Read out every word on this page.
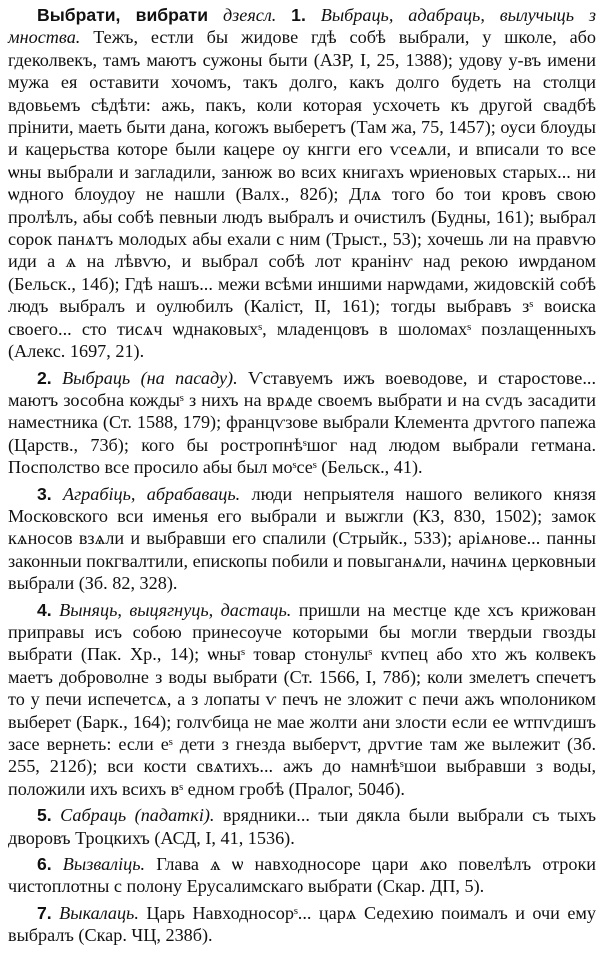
Выбрати, вибрати дзеясл. 1. Выбраць, адабраць, вылучыць з мноства. Тежъ, естли бы жидове гдѣ собѣ выбрали, у школе, або гдеколвекъ, тамъ маютъ сужоны быти (АЗР, I, 25, 1388); удову у-въ имени мужа ея оставити хочомъ, такъ долго, какъ долго будеть на столци вдовьемъ сѣдѣти: ажь, пакъ, коли которая усхочеть къ другой свадбѣ прiнити, маеть быти дана, когожъ выберетъ (Там жа, 75, 1457); оуси блоуды и кацерьства которе были кацере оу кнгги его ѵсеѧли, и вписали то все ѡны выбрали и загладили, занюж во всих книгахъ ѡриеновых старых... ни ѡдного блоудоу не нашли (Валх., 82б); Длѧ того бо тои кровъ свою пролѣлъ, абы собѣ певныи людъ выбралъ и очистилъ (Будны, 161); выбрал сорок панѧтъ молодых абы ехали с ним (Трыст., 53); хочешь ли на правѵю иди а ѧ на лѣвѵю, и выбрал собѣ лот кранiнѵ над рекою иѡрданом (Бельск., 14б); Гдѣ нашъ... межи всѣми иншими нарѡдами, жидовскiй собѣ людъ выбралъ и оулюбилъ (Каліст, II, 161); тогды выбравъ зˢ воиска своего... сто тисѧч ѡднаковыхˢ, младенцовъ в шоломахˢ позлащенныхъ (Алекс. 1697, 21).

2. Выбраць (на пасаду). Ѵставуемъ ижъ воеводове, и старостове... маютъ зособна кождыˢ з нихъ на врѧде своемъ выбрати и на сѵдъ засадити наместника (Ст. 1588, 179); францѵзове выбрали Клемента дрѵгого папежа (Царств., 73б); кого бы ростропнѣˢшог над людом выбрали гетмана. Посполство все просило абы был моˢсеˢ (Бельск., 41).

3. Аграбіць, абрабаваць. люди непрыятеля нашого великого князя Московского вси именья его выбрали и выжгли (КЗ, 830, 1502); замок кѧносов взѧли и выбравши его спалили (Стрыйк., 533); арiѧнове... панны законныи покгвалтили, епископы побили и повыганѧли, начинѧ церковныи выбрали (Зб. 82, 328).

4. Выняць, выцягнуць, дастаць. пришли на местце кде хсъ крижован приправы исъ собою принесоуче которыми бы могли твердыи гвозды выбрати (Пак. Хр., 14); ѡныˢ товар стонулыˢ кѵпец або хто жъ колвекъ маетъ доброволне з воды выбрати (Ст. 1566, I, 78б); коли змелетъ спечетъ то у печи испечетсѧ, а з лопаты ѵ печъ не зложит с печи ажъ ѡполоником выберет (Барк., 164); голѵбица не мае жолти ани злости если ее ѡтпѵдишъ засе вернеть: если еˢ дети з гнезда выберѵт, дрѵгие там же вылежит (Зб. 255, 212б); вси кости свѧтихъ... ажъ до намнѣˢшои выбравши з воды, положили ихъ всихъ вˢ едном гробѣ (Пралог, 504б).

5. Сабраць (падаткі). врядники... тыи дякла были выбрали съ тыхъ дворовъ Троцкихъ (АСД, I, 41, 1536).

6. Вызваліць. Глава ѧ ѡ навходносоре цари ѧко повелѣлъ отроки чистоплотны с полону Ерусалимскаго выбрати (Скар. ДП, 5).

7. Выкалаць. Царь Навходносорˢ... царѧ Седехию поималъ и очи ему выбралъ (Скар. ЧЦ, 238б).
